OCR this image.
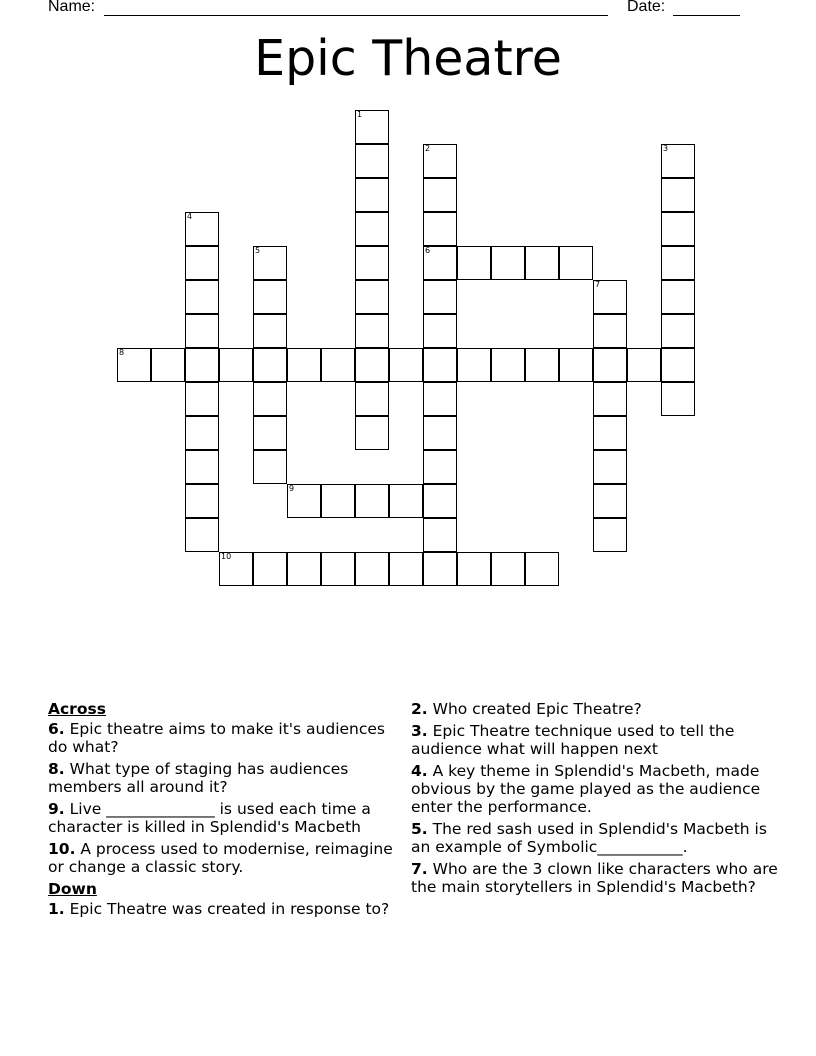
Name:	Date:
Epic Theatre
1
2
6
3
4
5
7
8
9
10
Across
6. Epic theatre aims to make it's audiences do what?
8. What type of staging has audiences members all around it?
9. Live ______________ is used each time a character is killed in Splendid's Macbeth
10. A process used to modernise, reimagine or change a classic story.
Down
1. Epic Theatre was created in response to?
2. Who created Epic Theatre?
3. Epic Theatre technique used to tell the audience what will happen next
4. A key theme in Splendid's Macbeth, made obvious by the game played as the audience enter the performance.
5. The red sash used in Splendid's Macbeth is an example of Symbolic___________.
7. Who are the 3 clown like characters who are the main storytellers in Splendid's Macbeth?
